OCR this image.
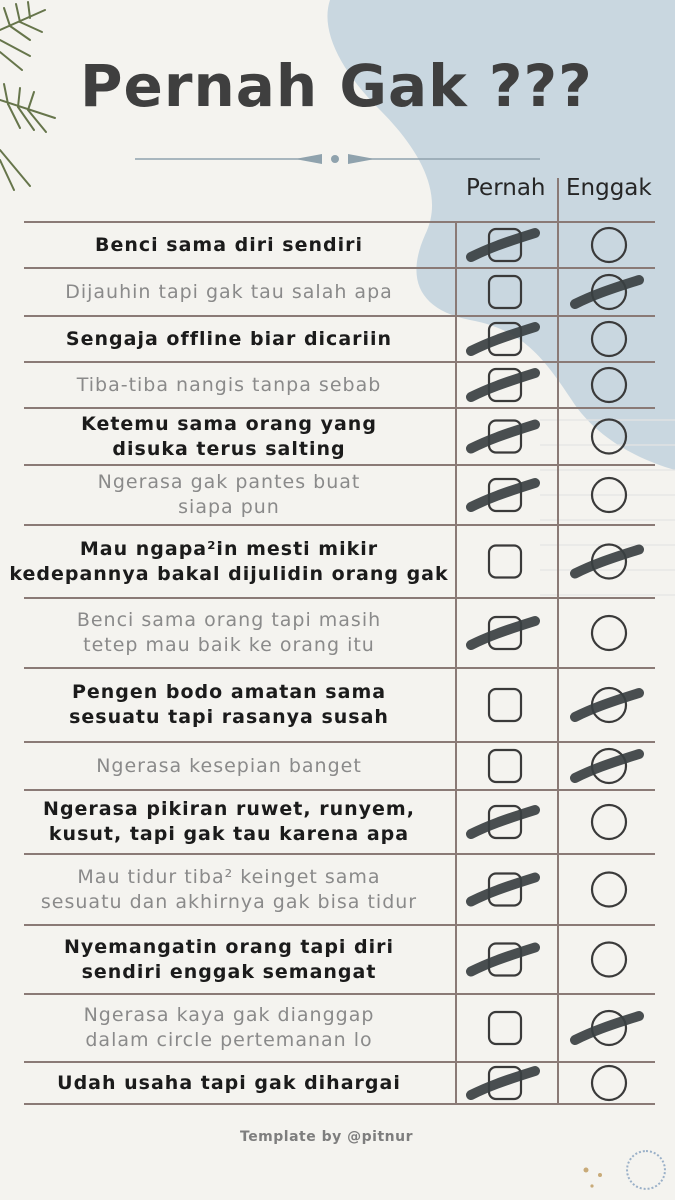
Pernah Gak ???
Pernah Enggak
Benci sama diri sendiri
Dijauhin tapi gak tau salah apa
Sengaja offline biar dicariin
Tiba-tiba nangis tanpa sebab
Ketemu sama orang yang
disuka terus salting
Ngerasa gak pantes buat
siapa pun
Mau ngapa²in mesti mikir
kedepannya bakal dijulidin orang gak
Benci sama orang tapi masih
tetep mau baik ke orang itu
Pengen bodo amatan sama
sesuatu tapi rasanya susah
Ngerasa kesepian banget
Ngerasa pikiran ruwet, runyem,
kusut, tapi gak tau karena apa
Mau tidur tiba² keinget sama
sesuatu dan akhirnya gak bisa tidur
Nyemangatin orang tapi diri
sendiri enggak semangat
Ngerasa kaya gak dianggap
dalam circle pertemanan lo
Udah usaha tapi gak dihargai
Template by @pitnur
